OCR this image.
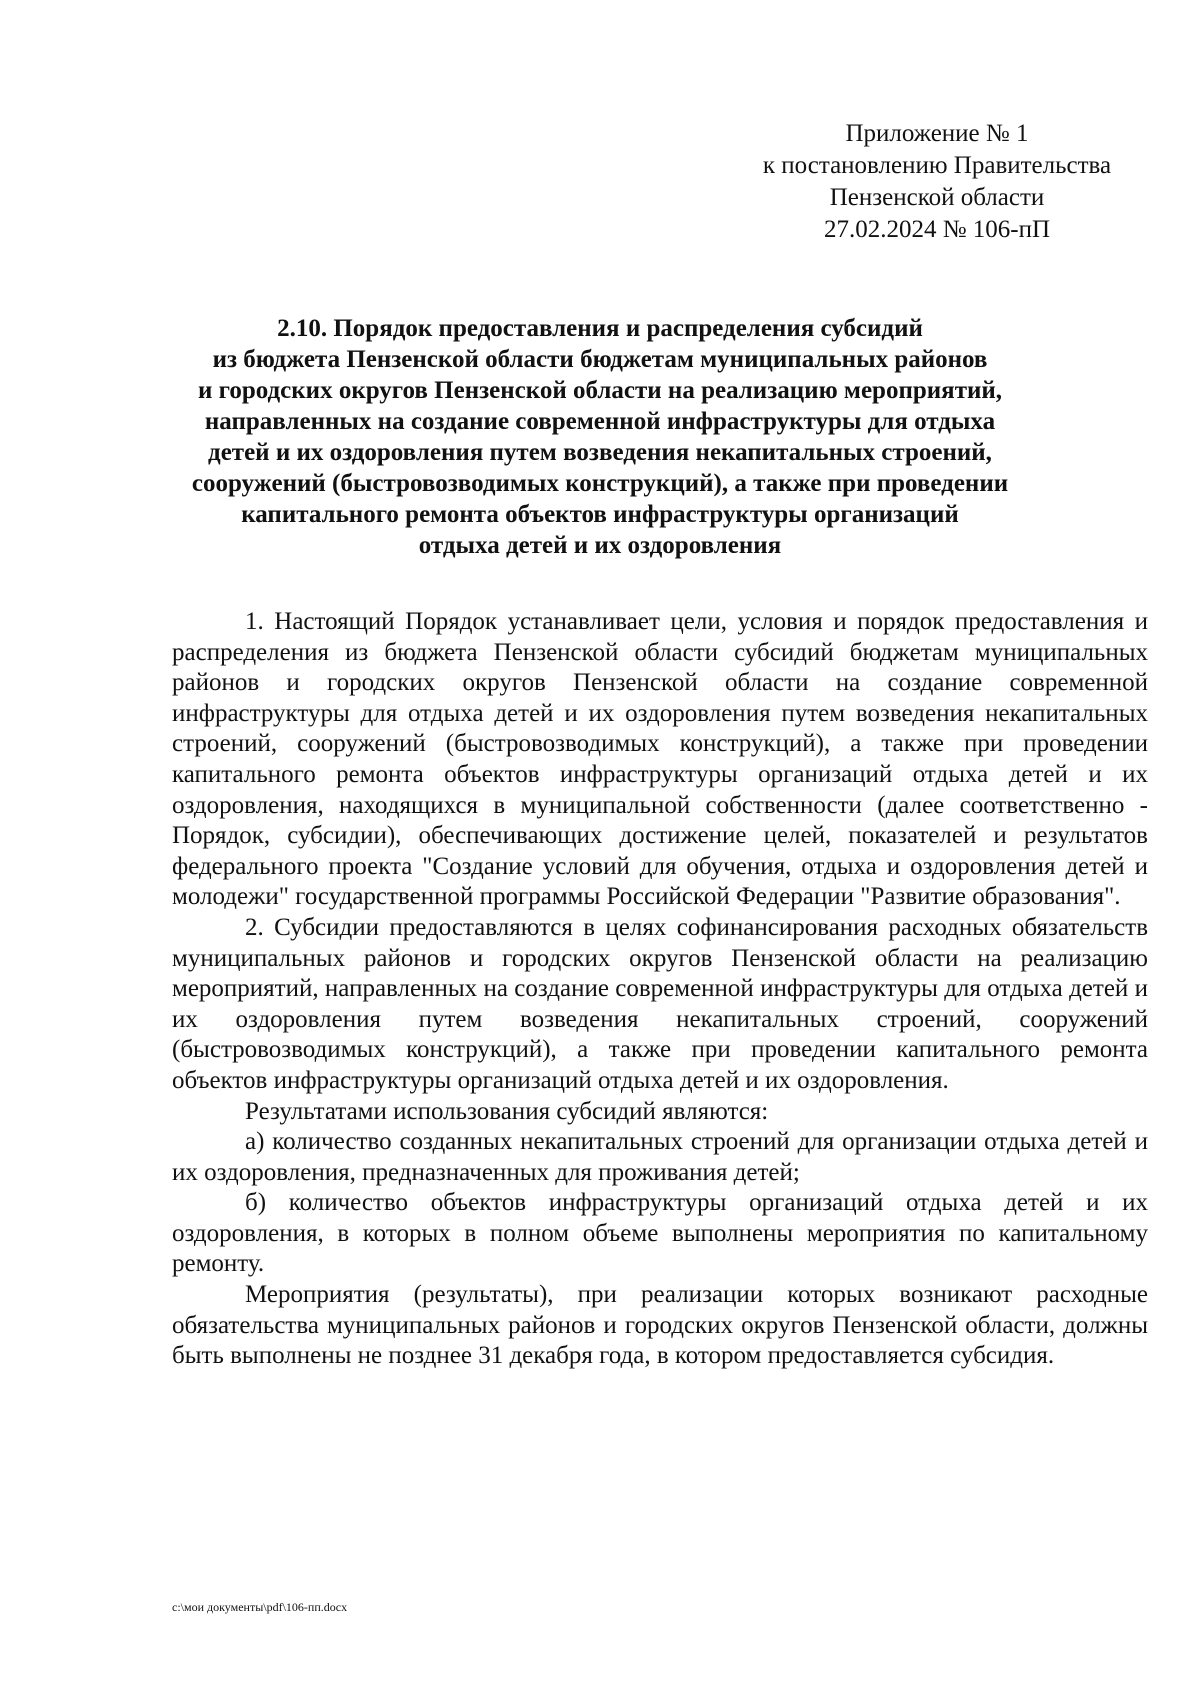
Приложение № 1
к постановлению Правительства
Пензенской области
27.02.2024 № 106-пП
2.10. Порядок предоставления и распределения субсидий
из бюджета Пензенской области бюджетам муниципальных районов
и городских округов Пензенской области на реализацию мероприятий,
направленных на создание современной инфраструктуры для отдыха
детей и их оздоровления путем возведения некапитальных строений,
сооружений (быстровозводимых конструкций), а также при проведении
капитального ремонта объектов инфраструктуры организаций
отдыха детей и их оздоровления

1. Настоящий Порядок устанавливает цели, условия и порядок предоставления и распределения из бюджета Пензенской области субсидий бюджетам муниципальных районов и городских округов Пензенской области на создание современной инфраструктуры для отдыха детей и их оздоровления путем возведения некапитальных строений, сооружений (быстровозводимых конструкций), а также при проведении капитального ремонта объектов инфраструктуры организаций отдыха детей и их оздоровления, находящихся в муниципальной собственности (далее соответственно - Порядок, субсидии), обеспечивающих достижение целей, показателей и результатов федерального проекта "Создание условий для обучения, отдыха и оздоровления детей и молодежи" государственной программы Российской Федерации "Развитие образования".

2. Субсидии предоставляются в целях софинансирования расходных обязательств муниципальных районов и городских округов Пензенской области на реализацию мероприятий, направленных на создание современной инфраструктуры для отдыха детей и их оздоровления путем возведения некапитальных строений, сооружений (быстровозводимых конструкций), а также при проведении капитального ремонта объектов инфраструктуры организаций отдыха детей и их оздоровления.

Результатами использования субсидий являются:

а) количество созданных некапитальных строений для организации отдыха детей и их оздоровления, предназначенных для проживания детей;

б) количество объектов инфраструктуры организаций отдыха детей и их оздоровления, в которых в полном объеме выполнены мероприятия по капитальному ремонту.

Мероприятия (результаты), при реализации которых возникают расходные обязательства муниципальных районов и городских округов Пензенской области, должны быть выполнены не позднее 31 декабря года, в котором предоставляется субсидия.

c:\мои документы\pdf\106-пп.docx
